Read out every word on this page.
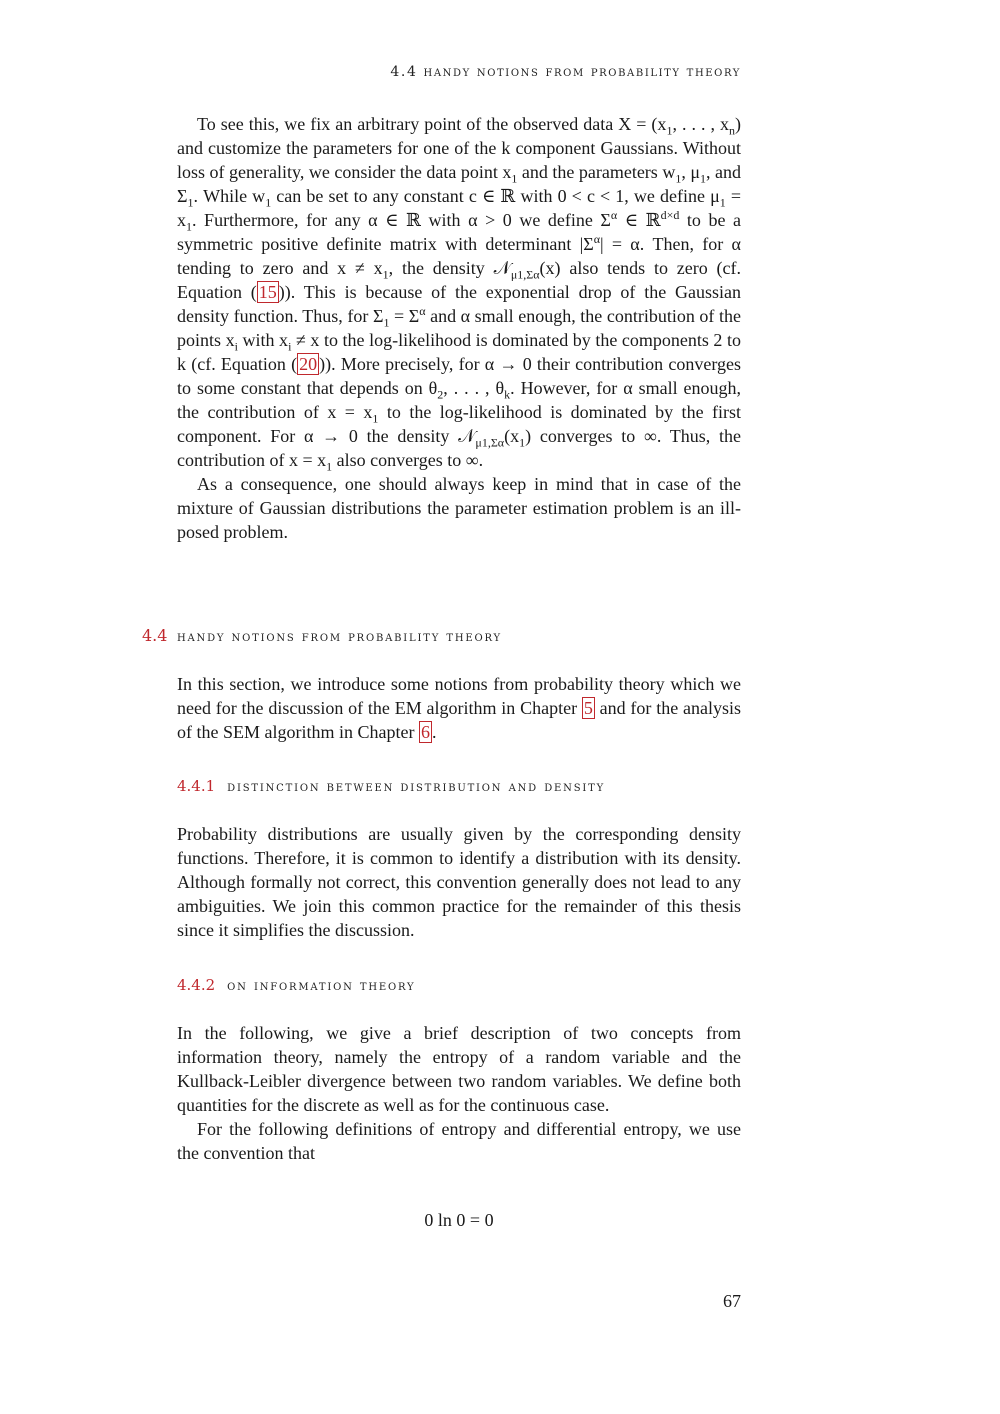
4.4 handy notions from probability theory

To see this, we fix an arbitrary point of the observed data $X = (x_1$, . . . , $x_n$) and customize the parameters for one of the k component Gaussians. Without loss of generality, we consider the data point $x_1$ and the parameters $w_1$, $\mu_1$, and $\Sigma_1$. While $w_1$ can be set to any constant c ∈ ℝ with 0 < c < 1, we define $\mu_1 = x_1$. Furthermore, for any α ∈ ℝ with α > 0 we define $\Sigma^\alpha$ ∈ ℝ$^{d\times d}$ to be a symmetric positive definite matrix with determinant $|\Sigma^\alpha| = \alpha$. Then, for α tending to zero and $x \ne x_1$, the density 𝒩$_{\mu 1,\Sigma\alpha}$(x) also tends to zero (cf. Equation ( 15 )). This is because of the exponential drop of the Gaussian density function. Thus, for $\Sigma_1 = \Sigma^\alpha$ and α small enough, the contribution of the points $x_i$ with $x_i \ne x$ to the log-likelihood is dominated by the components 2 to k (cf. Equation ( 20 )). More precisely, for α → 0 their contribution converges to some constant that depends on $\theta_2$, . . . , $\theta_k$. However, for α small enough, the contribution of $x = x_1$ to the log-likelihood is dominated by the first component. For α → 0 the density $𝒩_{\mu 1,\Sigma\alpha}(x_1)$ converges to ∞. Thus, the contribution of $x = x_1$ also converges to ∞.

As a consequence, one should always keep in mind that in case of the mixture of Gaussian distributions the parameter estimation problem is an ill-posed problem.

4.4 handy notions from probability theory
In this section, we introduce some notions from probability theory which we need for the discussion of the EM algorithm in Chapter 5 and for the analysis of the SEM algorithm in Chapter 6 .
4.4.1 distinction between distribution and density
Probability distributions are usually given by the corresponding density functions. Therefore, it is common to identify a distribution with its density. Although formally not correct, this convention generally does not lead to any ambiguities. We join this common practice for the remainder of this thesis since it simplifies the discussion.
4.4.2 on information theory

In the following, we give a brief description of two concepts from information theory, namely the entropy of a random variable and the Kullback-Leibler divergence between two random variables. We define both quantities for the discrete as well as for the continuous case.

For the following definitions of entropy and differential entropy, we use the convention that

0 ln 0 = 0
67
